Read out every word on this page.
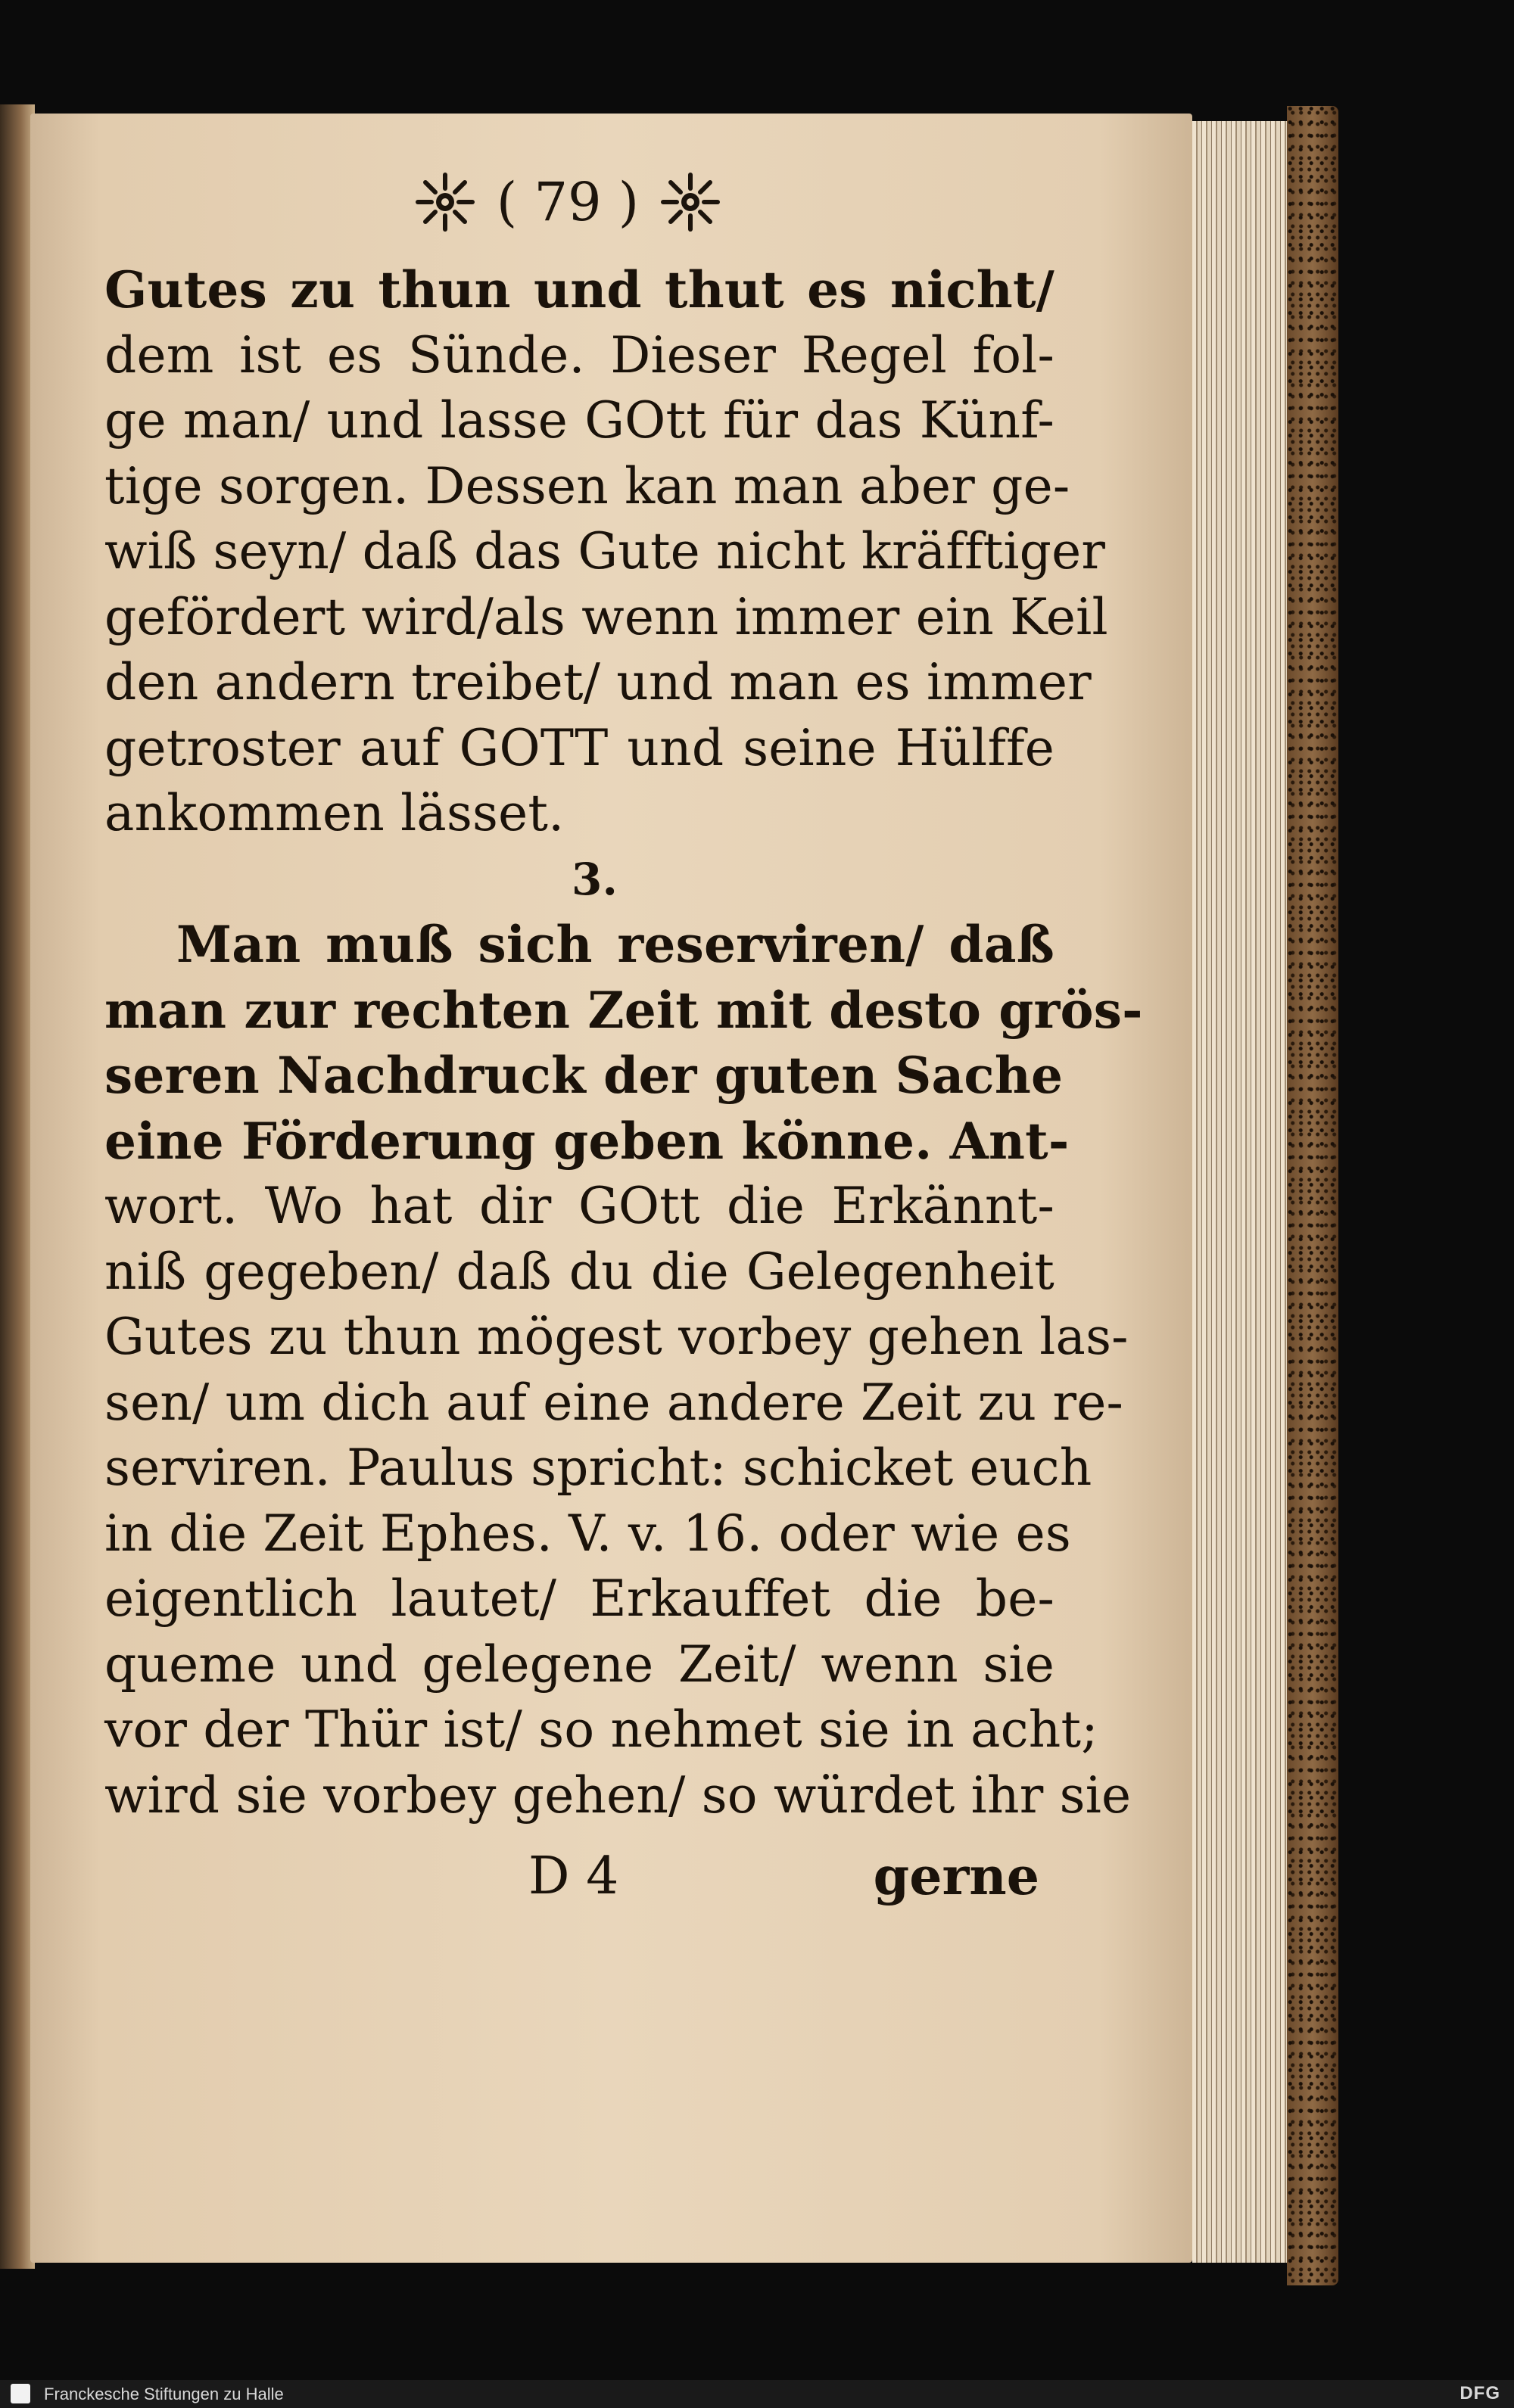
( 79 )
Gutes zu thun und thut es nicht/
dem ist es Sünde. Dieser Regel fol-
ge man/ und lasse GOtt für das Künf-
tige sorgen. Dessen kan man aber ge-
wiß seyn/ daß das Gute nicht kräfftiger
gefördert wird/als wenn immer ein Keil
den andern treibet/ und man es immer
getroster auf GOTT und seine Hülffe
ankommen lässet.
3.
Man muß sich reserviren/ daß
man zur rechten Zeit mit desto grös-
seren Nachdruck der guten Sache
eine Förderung geben könne. Ant-
wort. Wo hat dir GOtt die Erkännt-
niß gegeben/ daß du die Gelegenheit
Gutes zu thun mögest vorbey gehen las-
sen/ um dich auf eine andere Zeit zu re-
serviren. Paulus spricht: schicket euch
in die Zeit Ephes. V. v. 16. oder wie es
eigentlich lautet/ Erkauffet die be-
queme und gelegene Zeit/ wenn sie
vor der Thür ist/ so nehmet sie in acht;
wird sie vorbey gehen/ so würdet ihr sie
D 4	gerne
Franckesche Stiftungen zu Halle	DFG
